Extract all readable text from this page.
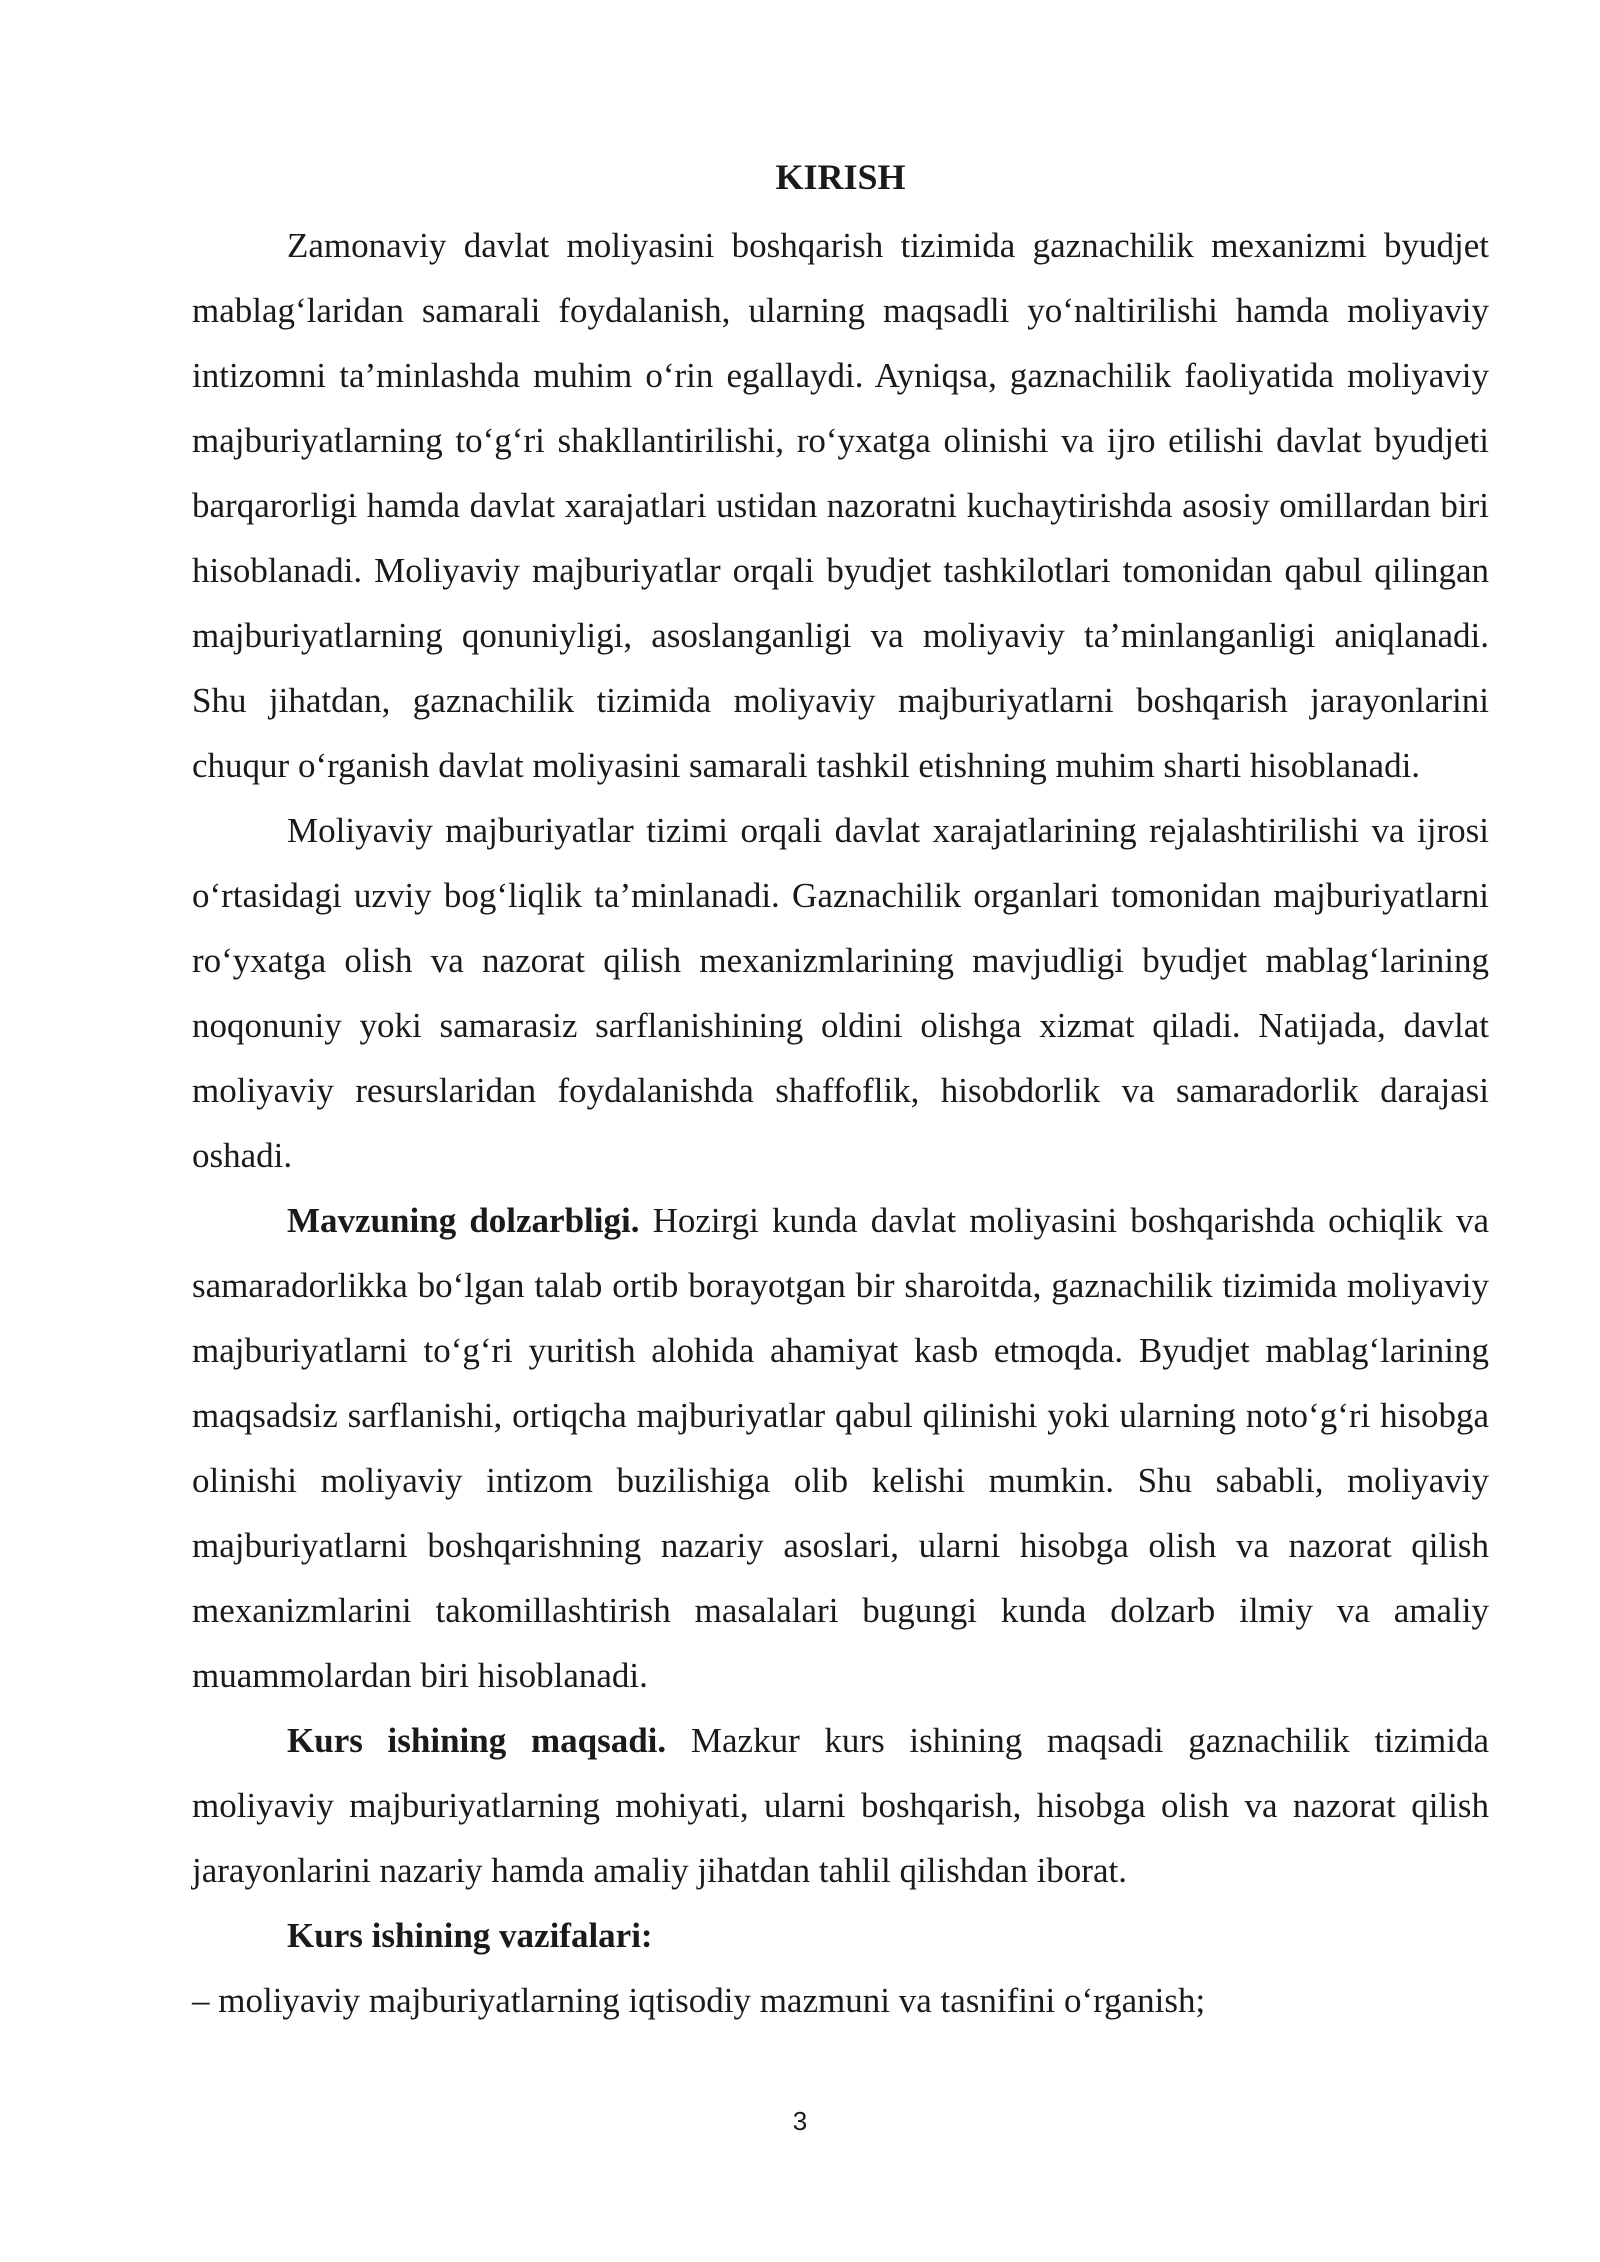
KIRISH

Zamonaviy davlat moliyasini boshqarish tizimida gaznachilik mexanizmi byudjet mablag‘laridan samarali foydalanish, ularning maqsadli yo‘naltirilishi hamda moliyaviy intizomni ta’minlashda muhim o‘rin egallaydi. Ayniqsa, gaznachilik faoliyatida moliyaviy majburiyatlarning to‘g‘ri shakllantirilishi, ro‘yxatga olinishi va ijro etilishi davlat byudjeti barqarorligi hamda davlat xarajatlari ustidan nazoratni kuchaytirishda asosiy omillardan biri hisoblanadi. Moliyaviy majburiyatlar orqali byudjet tashkilotlari tomonidan qabul qilingan majburiyatlarning qonuniyligi, asoslanganligi va moliyaviy ta’minlanganligi aniqlanadi. Shu jihatdan, gaznachilik tizimida moliyaviy majburiyatlarni boshqarish jarayonlarini chuqur o‘rganish davlat moliyasini samarali tashkil etishning muhim sharti hisoblanadi.

Moliyaviy majburiyatlar tizimi orqali davlat xarajatlarining rejalashtirilishi va ijrosi o‘rtasidagi uzviy bog‘liqlik ta’minlanadi. Gaznachilik organlari tomonidan majburiyatlarni ro‘yxatga olish va nazorat qilish mexanizmlarining mavjudligi byudjet mablag‘larining noqonuniy yoki samarasiz sarflanishining oldini olishga xizmat qiladi. Natijada, davlat moliyaviy resurslaridan foydalanishda shaffoflik, hisobdorlik va samaradorlik darajasi oshadi.

Mavzuning dolzarbligi. Hozirgi kunda davlat moliyasini boshqarishda ochiqlik va samaradorlikka bo‘lgan talab ortib borayotgan bir sharoitda, gaznachilik tizimida moliyaviy majburiyatlarni to‘g‘ri yuritish alohida ahamiyat kasb etmoqda. Byudjet mablag‘larining maqsadsiz sarflanishi, ortiqcha majburiyatlar qabul qilinishi yoki ularning noto‘g‘ri hisobga olinishi moliyaviy intizom buzilishiga olib kelishi mumkin. Shu sababli, moliyaviy majburiyatlarni boshqarishning nazariy asoslari, ularni hisobga olish va nazorat qilish mexanizmlarini takomillashtirish masalalari bugungi kunda dolzarb ilmiy va amaliy muammolardan biri hisoblanadi.

Kurs ishining maqsadi. Mazkur kurs ishining maqsadi gaznachilik tizimida moliyaviy majburiyatlarning mohiyati, ularni boshqarish, hisobga olish va nazorat qilish jarayonlarini nazariy hamda amaliy jihatdan tahlil qilishdan iborat.

Kurs ishining vazifalari:

– moliyaviy majburiyatlarning iqtisodiy mazmuni va tasnifini o‘rganish;

3
